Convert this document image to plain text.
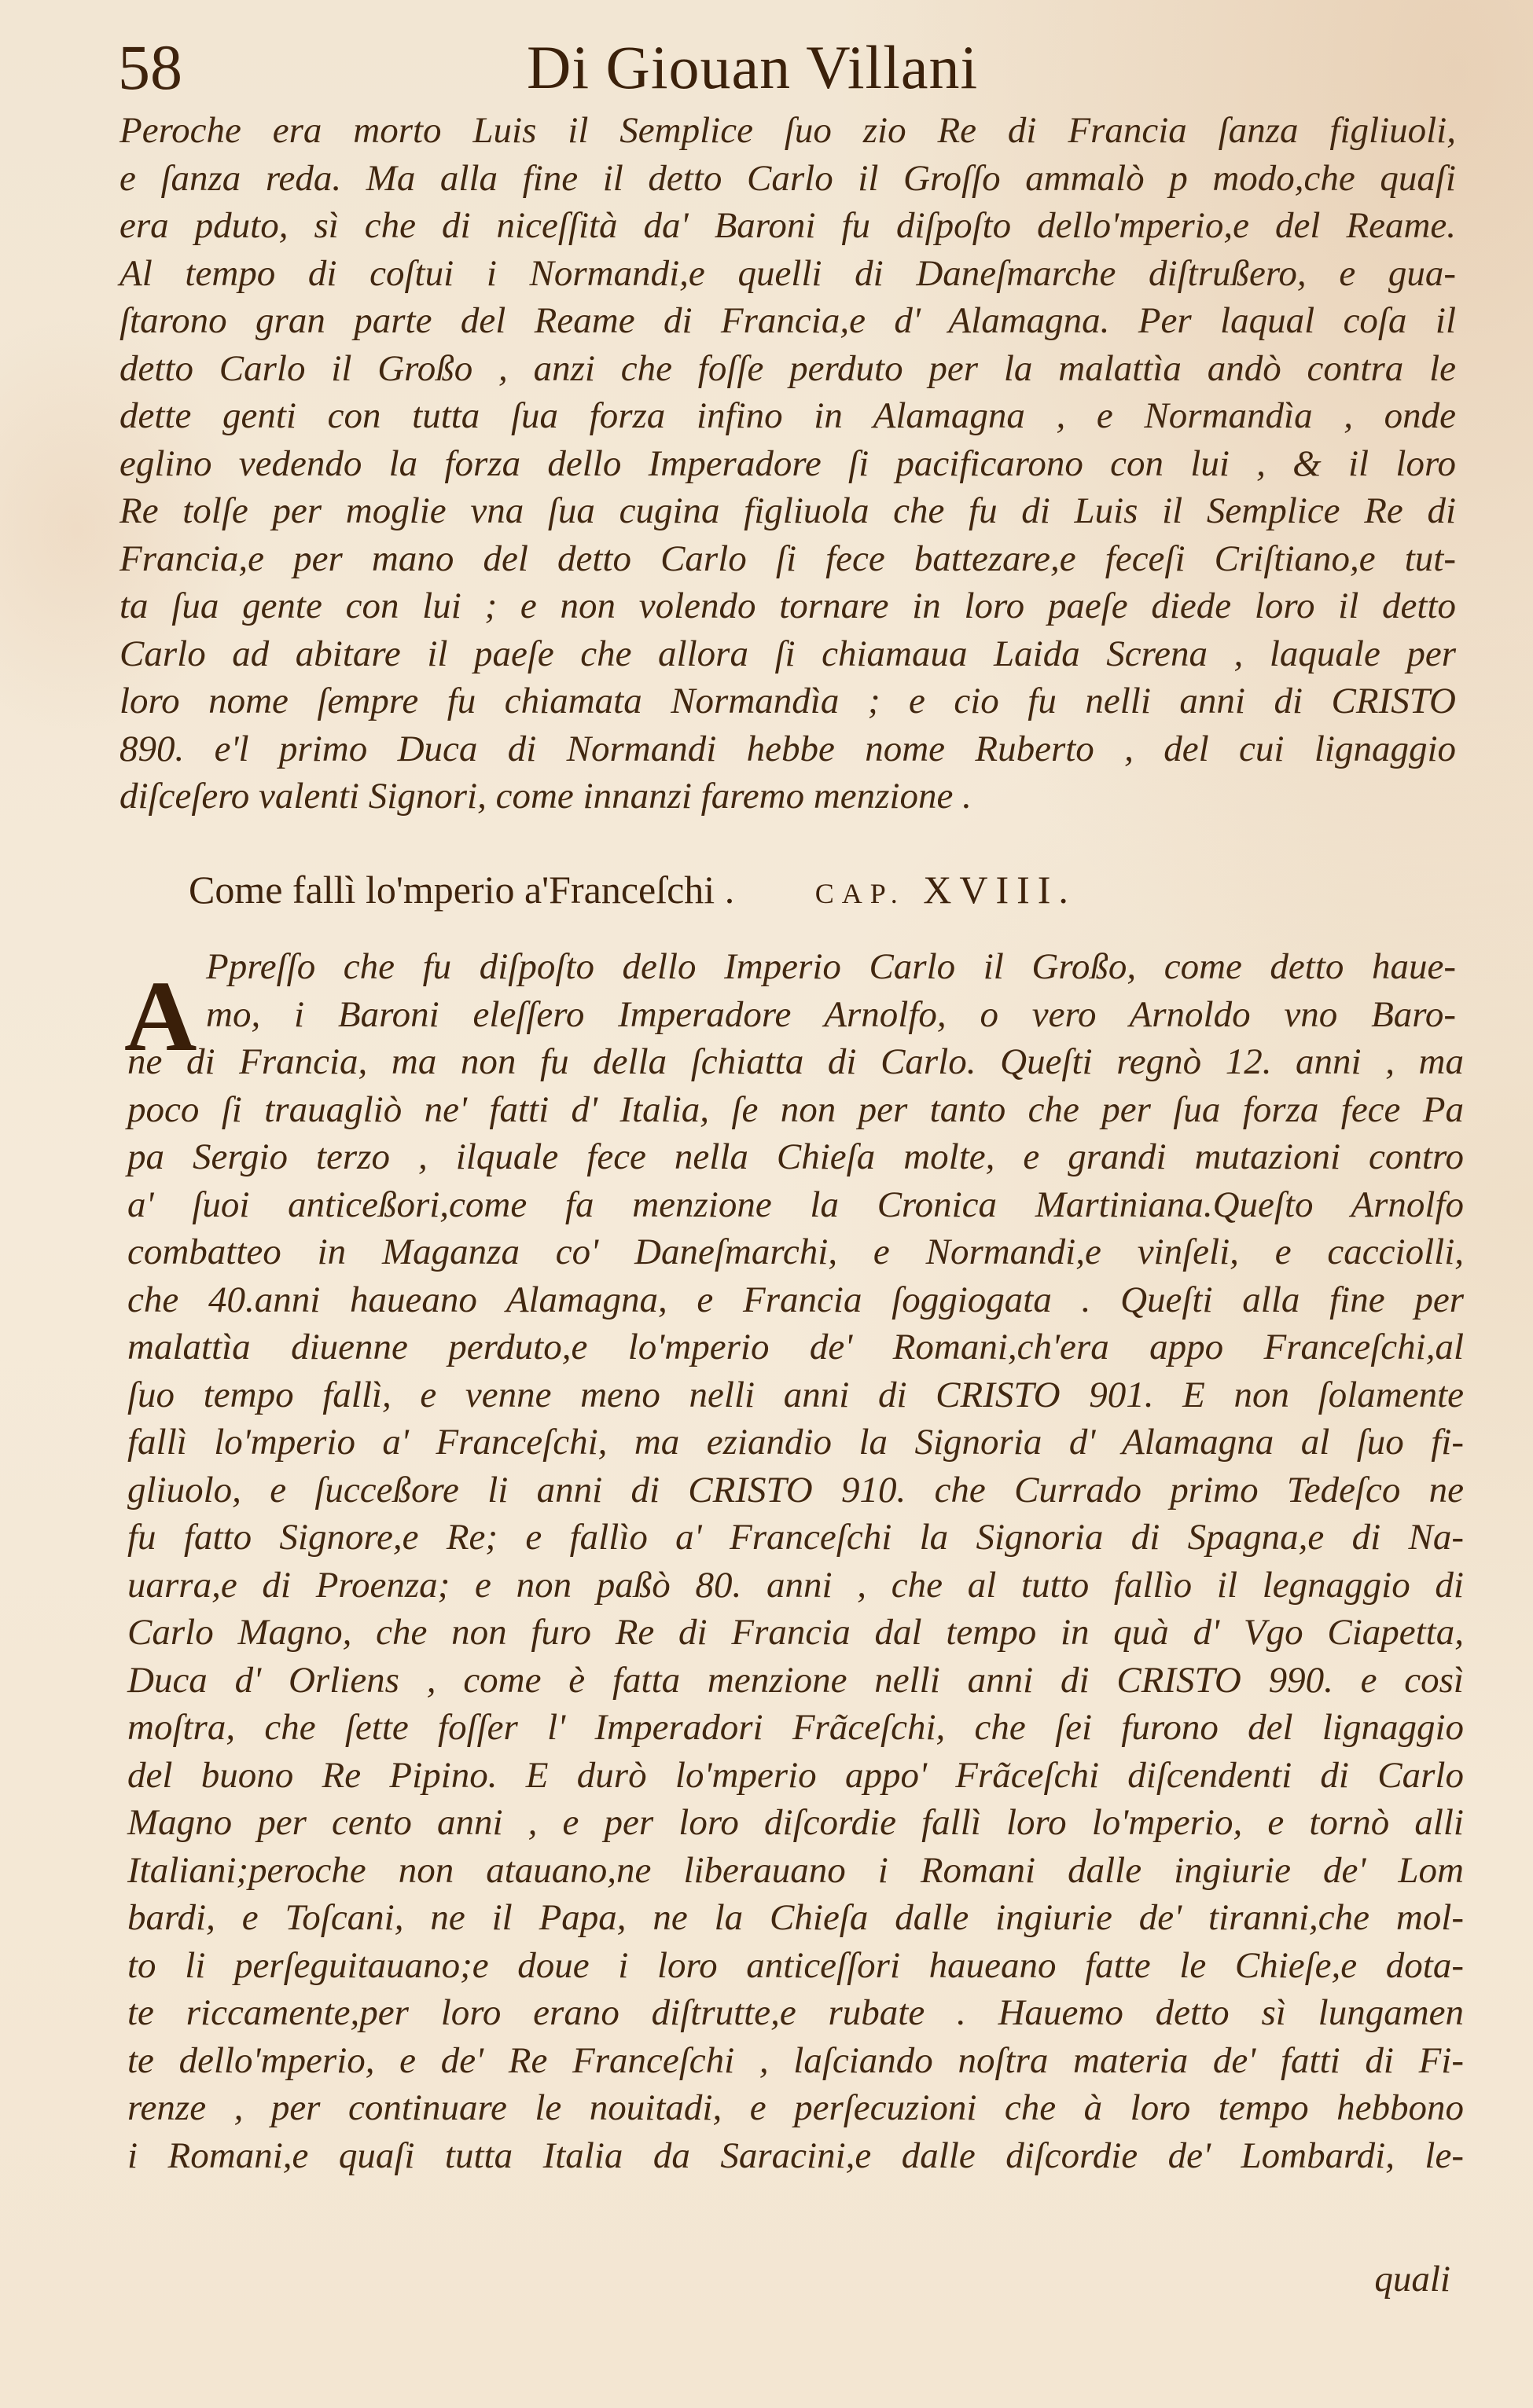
58	Di Giouan Villani
Peroche era morto Luis il Semplice ſuo zio Re di Francia ſanza figliuoli,
e ſanza reda. Ma alla fine il detto Carlo il Groſſo ammalò p modo,che quaſi
era pduto, sì che di niceſſità da' Baroni fu diſpoſto dello'mperio,e del Reame.
Al tempo di coſtui i Normandi,e quelli di Daneſmarche diſtrußero, e gua-
ſtarono gran parte del Reame di Francia,e d' Alamagna. Per laqual coſa il
detto Carlo il Großo , anzi che foſſe perduto per la malattìa andò contra le
dette genti con tutta ſua forza infino in Alamagna , e Normandìa , onde
eglino vedendo la forza dello Imperadore ſi pacificarono con lui , & il loro
Re tolſe per moglie vna ſua cugina figliuola che fu di Luis il Semplice Re di
Francia,e per mano del detto Carlo ſi fece battezare,e feceſi Criſtiano,e tut-
ta ſua gente con lui ; e non volendo tornare in loro paeſe diede loro il detto
Carlo ad abitare il paeſe che allora ſi chiamaua Laida Screna , laquale per
loro nome ſempre fu chiamata Normandìa ; e cio fu nelli anni di CRISTO
890. e'l primo Duca di Normandi hebbe nome Ruberto , del cui lignaggio
diſceſero valenti Signori, come innanzi faremo menzione .
Come fallì lo'mperio a'Franceſchi .	CAP. XVIII.
A Ppreſſo che fu diſpoſto dello Imperio Carlo il Großo, come detto haue-
mo, i Baroni eleſſero Imperadore Arnolfo, o vero Arnoldo vno Baro-
ne di Francia, ma non fu della ſchiatta di Carlo. Queſti regnò 12. anni , ma
poco ſi trauagliò ne' fatti d' Italia, ſe non per tanto che per ſua forza fece Pa
pa Sergio terzo , ilquale fece nella Chieſa molte, e grandi mutazioni contro
a' ſuoi anticeßori,come fa menzione la Cronica Martiniana.Queſto Arnolfo
combatteo in Maganza co' Daneſmarchi, e Normandi,e vinſeli, e cacciolli,
che 40.anni haueano Alamagna, e Francia ſoggiogata . Queſti alla fine per
malattìa diuenne perduto,e lo'mperio de' Romani,ch'era appo Franceſchi,al
ſuo tempo fallì, e venne meno nelli anni di CRISTO 901. E non ſolamente
fallì lo'mperio a' Franceſchi, ma eziandio la Signoria d' Alamagna al ſuo fi-
gliuolo, e ſucceßore li anni di CRISTO 910. che Currado primo Tedeſco ne
fu fatto Signore,e Re; e fallìo a' Franceſchi la Signoria di Spagna,e di Na-
uarra,e di Proenza; e non paßò 80. anni , che al tutto fallìo il legnaggio di
Carlo Magno, che non furo Re di Francia dal tempo in quà d' Vgo Ciapetta,
Duca d' Orliens , come è fatta menzione nelli anni di CRISTO 990. e così
moſtra, che ſette foſſer l' Imperadori Frãceſchi, che ſei furono del lignaggio
del buono Re Pipino. E durò lo'mperio appo' Frãceſchi diſcendenti di Carlo
Magno per cento anni , e per loro diſcordie fallì loro lo'mperio, e tornò alli
Italiani;peroche non atauano,ne liberauano i Romani dalle ingiurie de' Lom
bardi, e Toſcani, ne il Papa, ne la Chieſa dalle ingiurie de' tiranni,che mol-
to li perſeguitauano;e doue i loro anticeſſori haueano fatte le Chieſe,e dota-
te riccamente,per loro erano diſtrutte,e rubate . Hauemo detto sì lungamen
te dello'mperio, e de' Re Franceſchi , laſciando noſtra materia de' fatti di Fi-
renze , per continuare le nouitadi, e perſecuzioni che à loro tempo hebbono
i Romani,e quaſi tutta Italia da Saracini,e dalle diſcordie de' Lombardi, le-
quali
